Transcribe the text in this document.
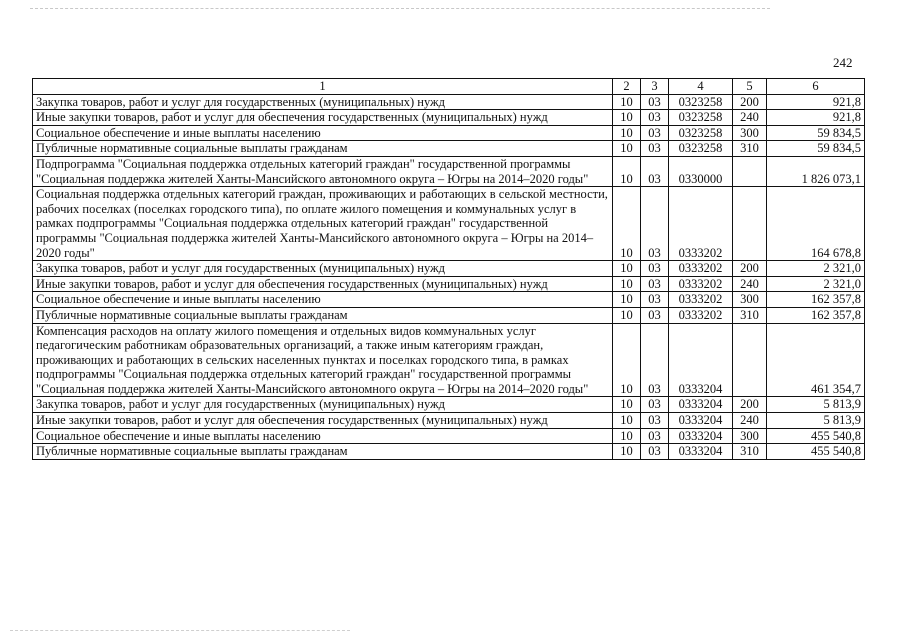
242
1	2	3	4	5	6
Закупка товаров, работ и услуг для государственных (муниципальных) нужд	10	03	0323258	200	921,8
Иные закупки товаров, работ и услуг для обеспечения государственных (муниципальных) нужд	10	03	0323258	240	921,8
Социальное обеспечение и иные выплаты населению	10	03	0323258	300	59 834,5
Публичные нормативные социальные выплаты гражданам	10	03	0323258	310	59 834,5
Подпрограмма "Социальная поддержка отдельных категорий граждан" государственной программы "Социальная поддержка жителей Ханты-Мансийского автономного округа – Югры на 2014–2020 годы"	10	03	0330000		1 826 073,1
Социальная поддержка отдельных категорий граждан, проживающих и работающих в сельской местности, рабочих поселках (поселках городского типа), по оплате жилого помещения и коммунальных услуг в рамках подпрограммы "Социальная поддержка отдельных категорий граждан" государственной программы "Социальная поддержка жителей Ханты-Мансийского автономного округа – Югры на 2014–2020 годы"	10	03	0333202		164 678,8
Закупка товаров, работ и услуг для государственных (муниципальных) нужд	10	03	0333202	200	2 321,0
Иные закупки товаров, работ и услуг для обеспечения государственных (муниципальных) нужд	10	03	0333202	240	2 321,0
Социальное обеспечение и иные выплаты населению	10	03	0333202	300	162 357,8
Публичные нормативные социальные выплаты гражданам	10	03	0333202	310	162 357,8
Компенсация расходов на оплату жилого помещения и отдельных видов коммунальных услуг педагогическим работникам образовательных организаций, а также иным категориям граждан, проживающих и работающих в сельских населенных пунктах и поселках городского типа, в рамках подпрограммы "Социальная поддержка отдельных категорий граждан" государственной программы "Социальная поддержка жителей Ханты-Мансийского автономного округа – Югры на 2014–2020 годы"	10	03	0333204		461 354,7
Закупка товаров, работ и услуг для государственных (муниципальных) нужд	10	03	0333204	200	5 813,9
Иные закупки товаров, работ и услуг для обеспечения государственных (муниципальных) нужд	10	03	0333204	240	5 813,9
Социальное обеспечение и иные выплаты населению	10	03	0333204	300	455 540,8
Публичные нормативные социальные выплаты гражданам	10	03	0333204	310	455 540,8
